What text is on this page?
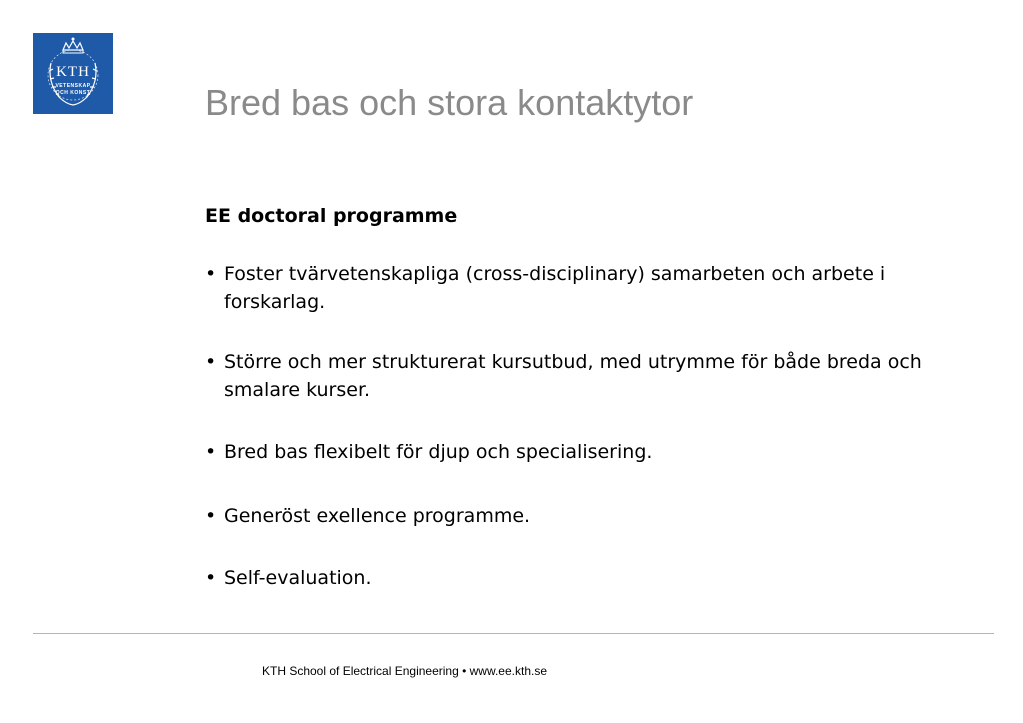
KTH
VETENSKAP
OCH KONST	Bred bas och stora kontaktytor
EE doctoral programme
• Foster tvärvetenskapliga (cross-disciplinary) samarbeten och arbete i forskarlag.
• Större och mer strukturerat kursutbud, med utrymme för både breda och smalare kurser.
• Bred bas flexibelt för djup och specialisering.
• Generöst exellence programme.
• Self-evaluation.
KTH School of Electrical Engineering • www.ee.kth.se
